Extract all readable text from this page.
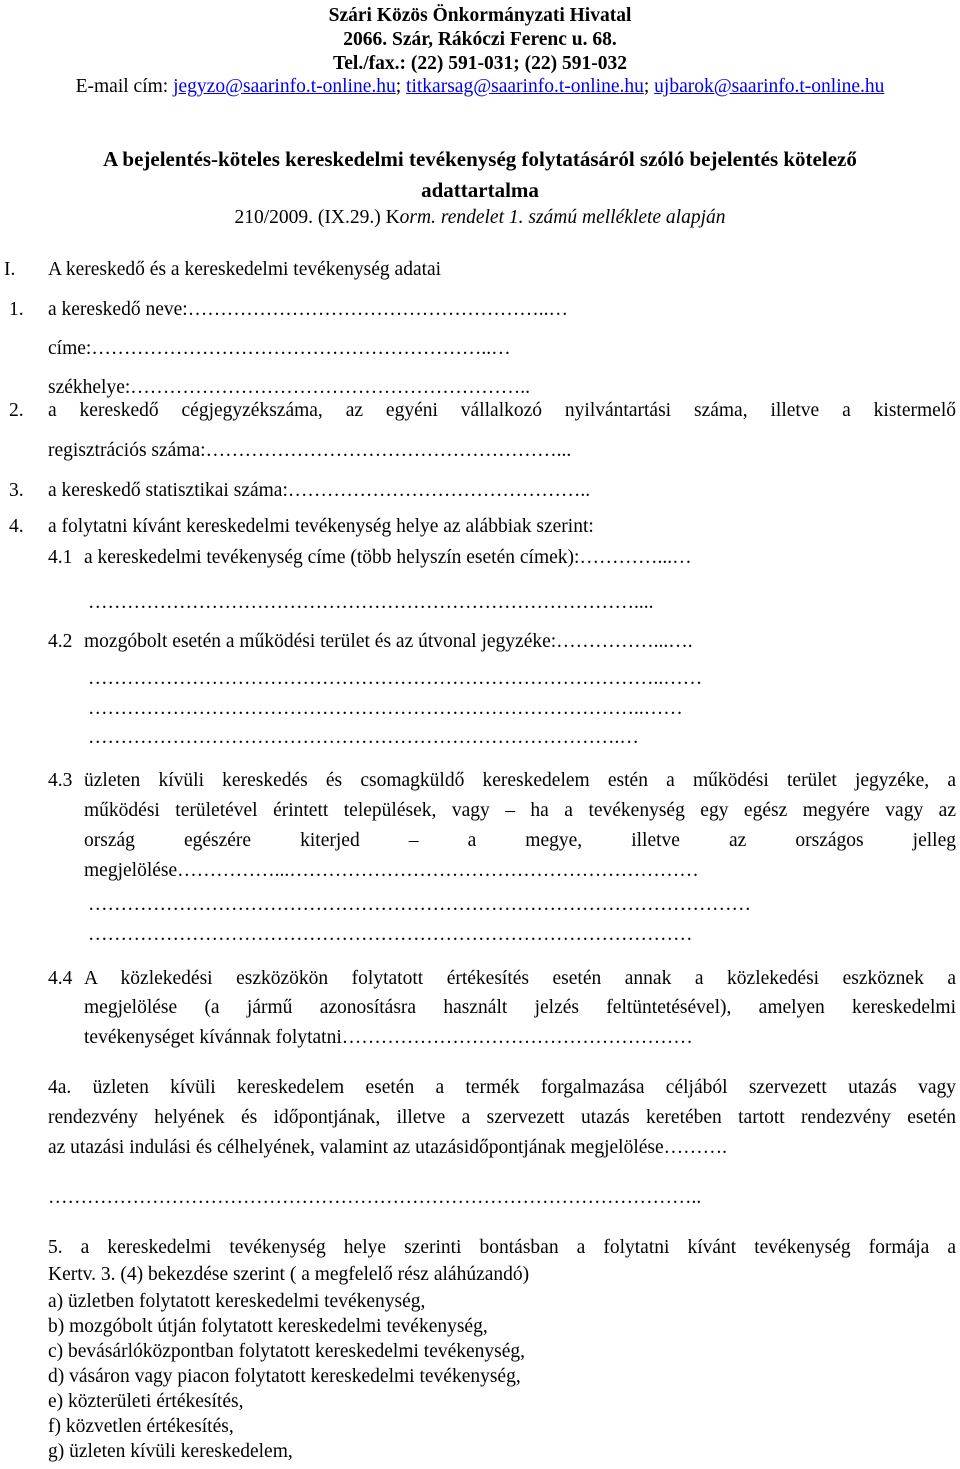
Szári Közös Önkormányzati Hivatal
2066. Szár, Rákóczi Ferenc u. 68.
Tel./fax.: (22) 591-031; (22) 591-032
E-mail cím: jegyzo@saarinfo.t-online.hu; titkarsag@saarinfo.t-online.hu; ujbarok@saarinfo.t-online.hu
A bejelentés-köteles kereskedelmi tevékenység folytatásáról szóló bejelentés kötelező
adattartalma
210/2009. (IX.29.) Korm. rendelet 1. számú melléklete alapján
I. A kereskedő és a kereskedelmi tevékenység adatai
1. a kereskedő neve:………………………………………………..…
címe:……………………………………………………..…
székhelye:……………………………………………………..
2. a kereskedő cégjegyzékszáma, az egyéni vállalkozó nyilvántartási száma, illetve a kistermelő
regisztrációs száma:………………………………………………...
3. a kereskedő statisztikai száma:………………………………………..
4. a folytatni kívánt kereskedelmi tevékenység helye az alábbiak szerint:
4.1 a kereskedelmi tevékenység címe (több helyszín esetén címek):…………...…
…………………………………………………………………………....
4.2 mozgóbolt esetén a működési terület és az útvonal jegyzéke:……………...….
……………………………………………………………………………..……
…………………………………………………………………………..……
……………………………………………………………………….…
4.3 üzleten kívüli kereskedés és csomagküldő kereskedelem estén a működési terület jegyzéke, a
működési területével érintett települések, vagy – ha a tevékenység egy egész megyére vagy az
ország egészére kiterjed – a megye, illetve az országos jelleg
megjelölése……………...………………………………………………………
…………………………………………………………………………………………
…………………………………………………………………………………
4.4 A közlekedési eszközökön folytatott értékesítés esetén annak a közlekedési eszköznek a
megjelölése (a jármű azonosításra használt jelzés feltüntetésével), amelyen kereskedelmi
tevékenységet kívánnak folytatni………………………………………………
4a. üzleten kívüli kereskedelem esetén a termék forgalmazása céljából szervezett utazás vagy
rendezvény helyének és időpontjának, illetve a szervezett utazás keretében tartott rendezvény esetén
az utazási indulási és célhelyének, valamint az utazásidőpontjának megjelölése……….
………………………………………………………………………………………..
5. a kereskedelmi tevékenység helye szerinti bontásban a folytatni kívánt tevékenység formája a
Kertv. 3. (4) bekezdése szerint ( a megfelelő rész aláhúzandó)
a) üzletben folytatott kereskedelmi tevékenység,
b) mozgóbolt útján folytatott kereskedelmi tevékenység,
c) bevásárlóközpontban folytatott kereskedelmi tevékenység,
d) vásáron vagy piacon folytatott kereskedelmi tevékenység,
e) közterületi értékesítés,
f) közvetlen értékesítés,
g) üzleten kívüli kereskedelem,
